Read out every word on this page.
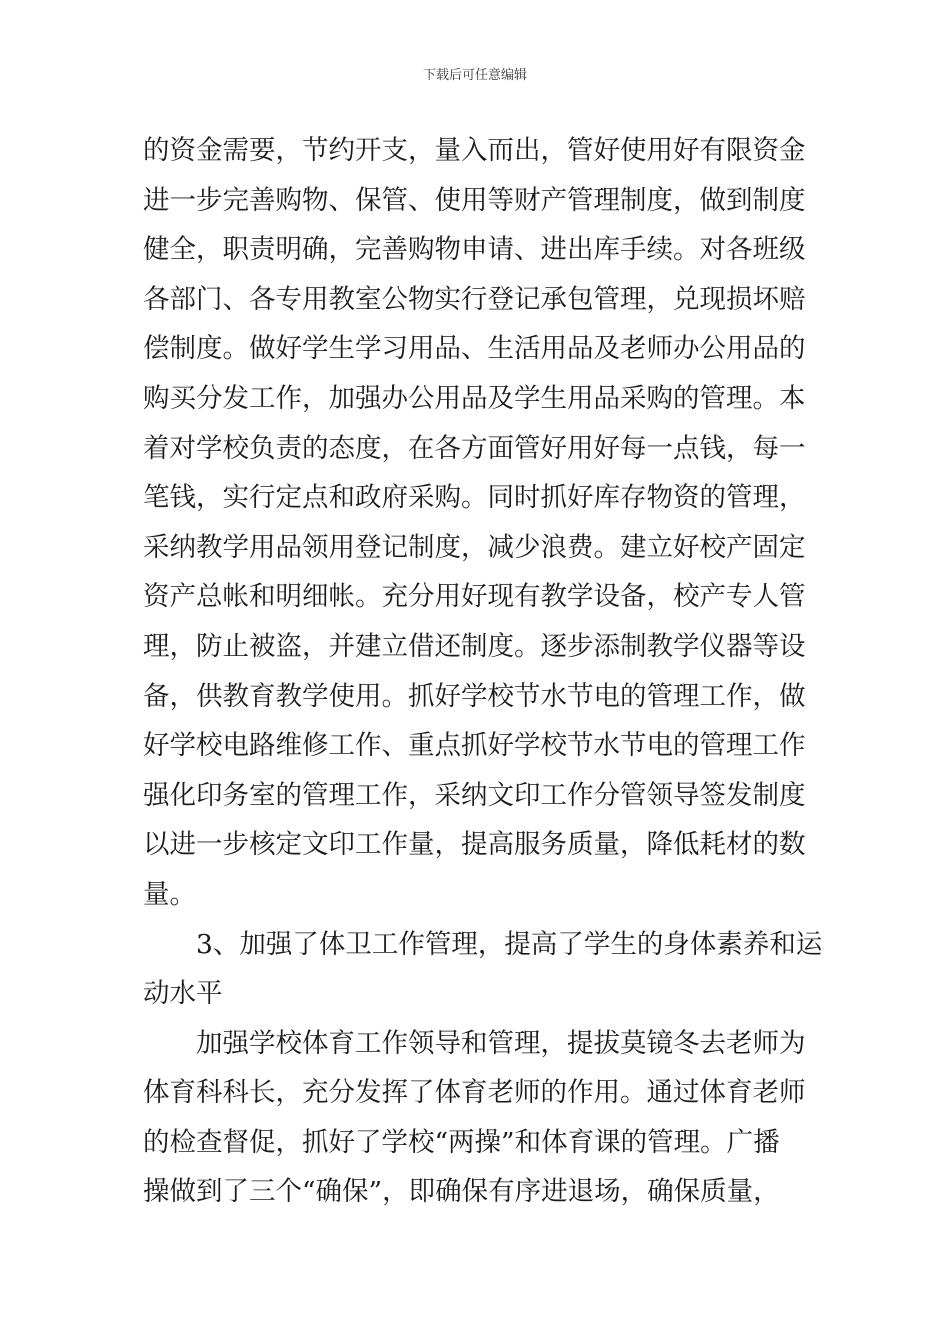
下载后可任意编辑
的资金需要，节约开支，量入而出，管好使用好有限资金
进一步完善购物、保管、使用等财产管理制度，做到制度
健全，职责明确，完善购物申请、进出库手续。对各班级
各部门、各专用教室公物实行登记承包管理，兑现损坏赔
偿制度。做好学生学习用品、生活用品及老师办公用品的
购买分发工作，加强办公用品及学生用品采购的管理。本
着对学校负责的态度，在各方面管好用好每一点钱，每一
笔钱，实行定点和政府采购。同时抓好库存物资的管理，
采纳教学用品领用登记制度，减少浪费。建立好校产固定
资产总帐和明细帐。充分用好现有教学设备，校产专人管
理，防止被盗，并建立借还制度。逐步添制教学仪器等设
备，供教育教学使用。抓好学校节水节电的管理工作，做
好学校电路维修工作、重点抓好学校节水节电的管理工作
强化印务室的管理工作，采纳文印工作分管领导签发制度
以进一步核定文印工作量，提高服务质量，降低耗材的数
量。
3、加强了体卫工作管理，提高了学生的身体素养和运
动水平
加强学校体育工作领导和管理，提拔莫镜冬去老师为
体育科科长，充分发挥了体育老师的作用。通过体育老师
的检查督促，抓好了学校“两操”和体育课的管理。广播
操做到了三个“确保”，即确保有序进退场，确保质量，
